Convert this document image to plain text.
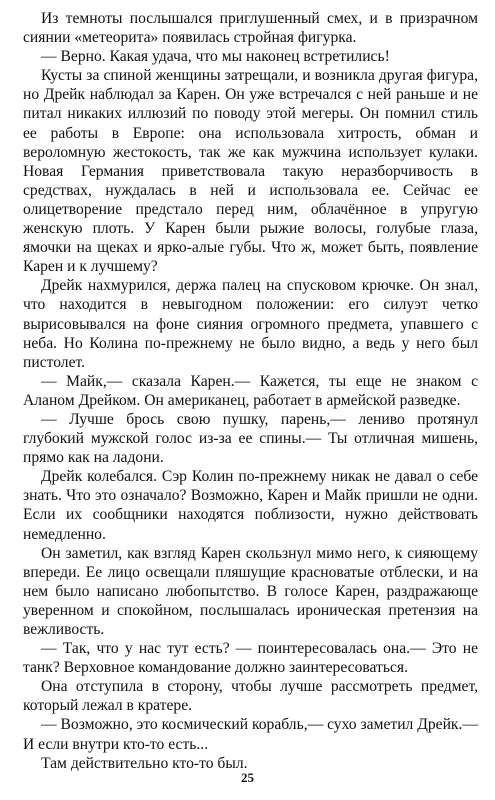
Из темноты послышался приглушенный смех, и в призрачном сиянии «метеорита» появилась стройная фигурка.

— Верно. Какая удача, что мы наконец встретились!

Кусты за спиной женщины затрещали, и возникла другая фигура, но Дрейк наблюдал за Карен. Он уже встречался с ней раньше и не питал никаких иллюзий по поводу этой мегеры. Он помнил стиль ее работы в Европе: она использовала хитрость, обман и вероломную жестокость, так же как мужчина использует кулаки. Новая Германия приветствовала такую неразборчивость в средствах, нуждалась в ней и использовала ее. Сейчас ее олицетворение предстало перед ним, облачённое в упругую женскую плоть. У Карен были рыжие волосы, голубые глаза, ямочки на щеках и ярко-алые губы. Что ж, может быть, появление Карен и к лучшему?

Дрейк нахмурился, держа палец на спусковом крючке. Он знал, что находится в невыгодном положении: его силуэт четко вырисовывался на фоне сияния огромного предмета, упавшего с неба. Но Колина по-прежнему не было видно, а ведь у него был пистолет.

— Майк,— сказала Карен.— Кажется, ты еще не знаком с Аланом Дрейком. Он американец, работает в армейской разведке.

— Лучше брось свою пушку, парень,— лениво протянул глубокий мужской голос из-за ее спины.— Ты отличная мишень, прямо как на ладони.

Дрейк колебался. Сэр Колин по-прежнему никак не давал о себе знать. Что это означало? Возможно, Карен и Майк пришли не одни. Если их сообщники находятся поблизости, нужно действовать немедленно.

Он заметил, как взгляд Карен скользнул мимо него, к сияющему впереди. Ее лицо освещали пляшущие красноватые отблески, и на нем было написано любопытство. В голосе Карен, раздражающе уверенном и спокойном, послышалась ироническая претензия на вежливость.

— Так, что у нас тут есть? — поинтересовалась она.— Это не танк? Верховное командование должно заинтересоваться.

Она отступила в сторону, чтобы лучше рассмотреть предмет, который лежал в кратере.

— Возможно, это космический корабль,— сухо заметил Дрейк.— И если внутри кто-то есть...

Там действительно кто-то был.

25
